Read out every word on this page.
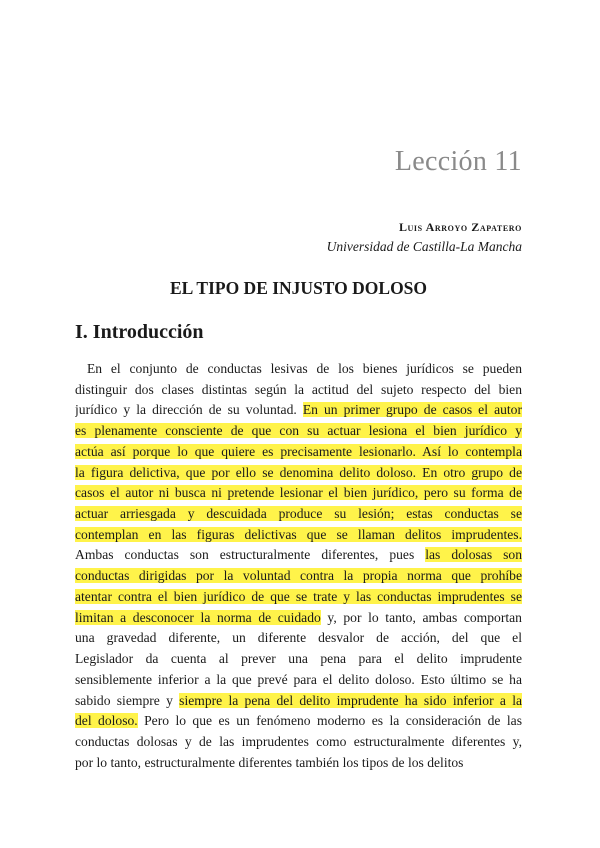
Lección 11
Luis Arroyo Zapatero
Universidad de Castilla-La Mancha
EL TIPO DE INJUSTO DOLOSO
I. Introducción
En el conjunto de conductas lesivas de los bienes jurídicos se pueden
distinguir dos clases distintas según la actitud del sujeto respecto del bien
jurídico y la dirección de su voluntad. En un primer grupo de casos el autor
es plenamente consciente de que con su actuar lesiona el bien jurídico y
actúa así porque lo que quiere es precisamente lesionarlo. Así lo contempla
la figura delictiva, que por ello se denomina delito doloso. En otro grupo de
casos el autor ni busca ni pretende lesionar el bien jurídico, pero su forma de
actuar arriesgada y descuidada produce su lesión; estas conductas se
contemplan en las figuras delictivas que se llaman delitos imprudentes.
Ambas conductas son estructuralmente diferentes, pues las dolosas son
conductas dirigidas por la voluntad contra la propia norma que prohíbe
atentar contra el bien jurídico de que se trate y las conductas imprudentes se
limitan a desconocer la norma de cuidado y, por lo tanto, ambas comportan
una gravedad diferente, un diferente desvalor de acción, del que el
Legislador da cuenta al prever una pena para el delito imprudente
sensiblemente inferior a la que prevé para el delito doloso. Esto último se ha
sabido siempre y siempre la pena del delito imprudente ha sido inferior a la
del doloso. Pero lo que es un fenómeno moderno es la consideración de las
conductas dolosas y de las imprudentes como estructuralmente diferentes y,
por lo tanto, estructuralmente diferentes también los tipos de los delitos
